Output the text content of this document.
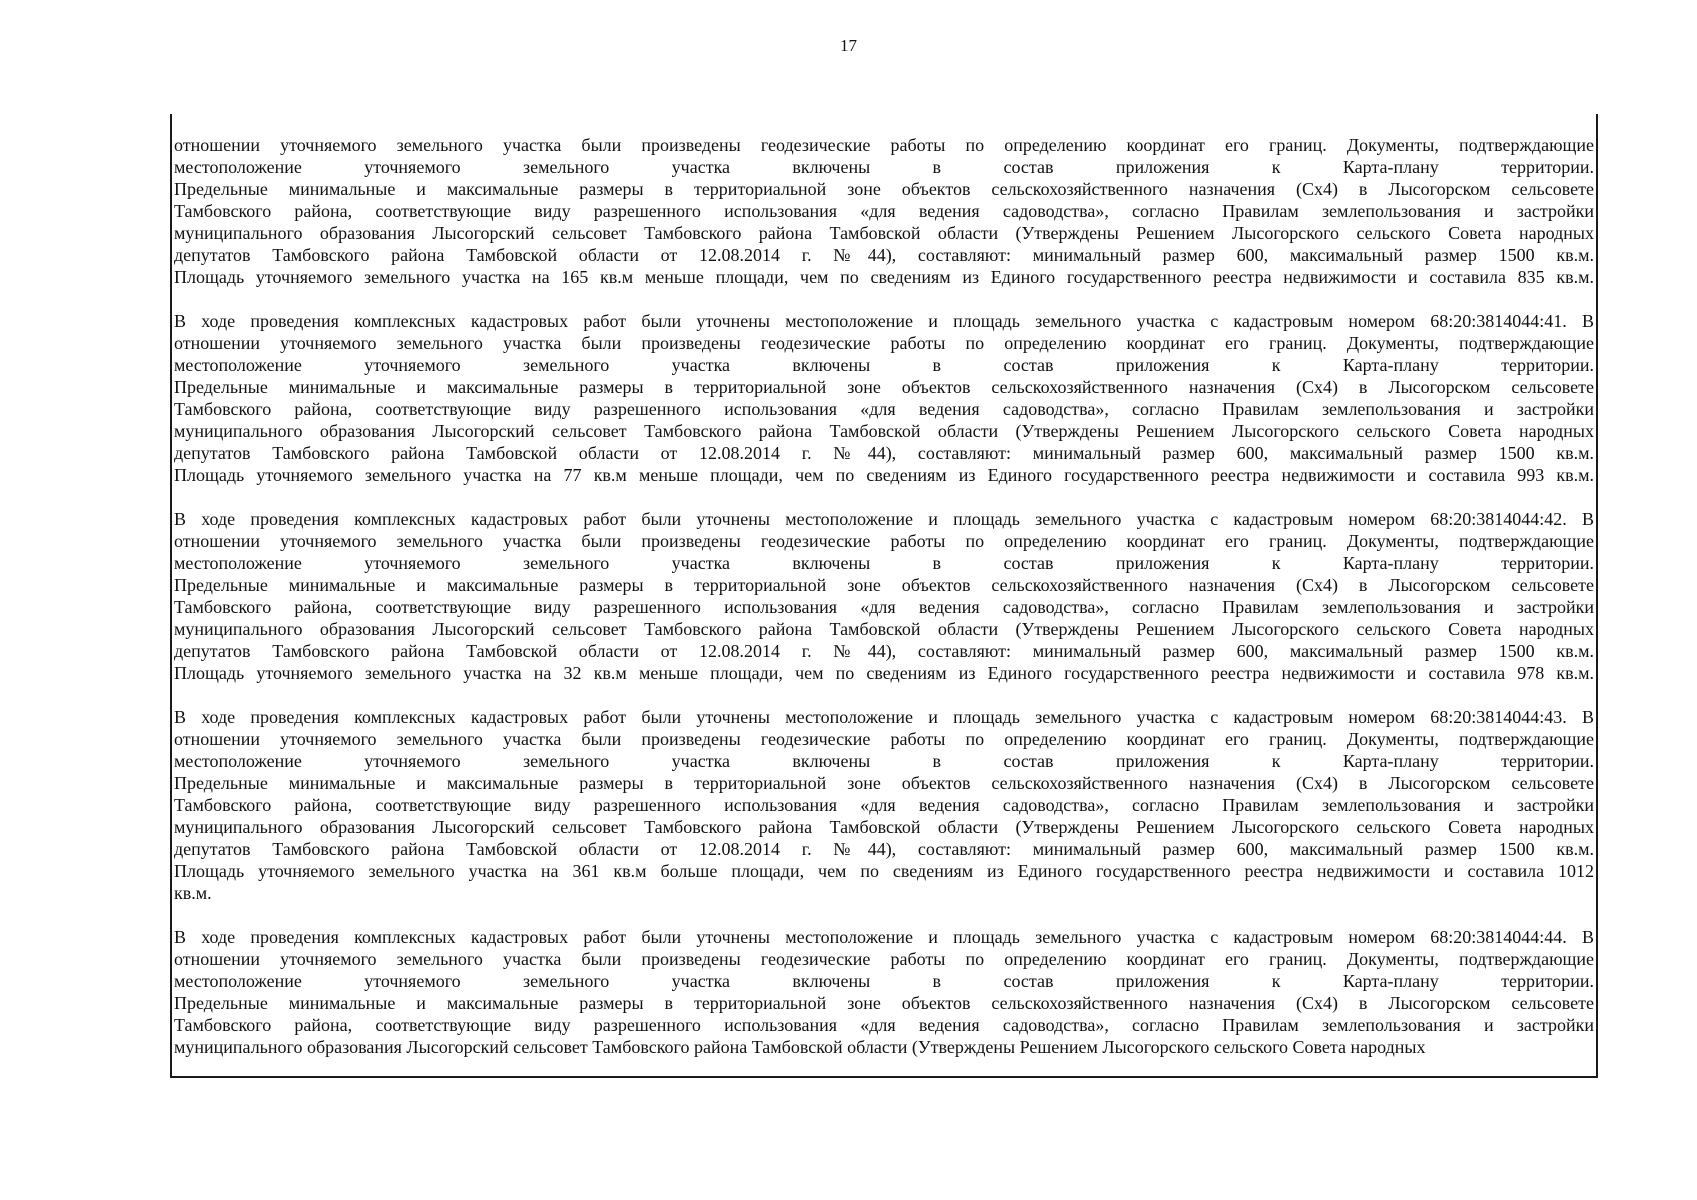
17
отношении уточняемого земельного участка были произведены геодезические работы по определению координат его границ. Документы, подтверждающие
местоположение уточняемого земельного участка включены в состав приложения к Карта-плану территории.
Предельные минимальные и максимальные размеры в территориальной зоне объектов сельскохозяйственного назначения (Сх4) в Лысогорском сельсовете
Тамбовского района, соответствующие виду разрешенного использования «для ведения садоводства», согласно Правилам землепользования и застройки
муниципального образования Лысогорский сельсовет Тамбовского района Тамбовской области (Утверждены Решением Лысогорского сельского Совета народных
депутатов Тамбовского района Тамбовской области от 12.08.2014 г. №44), составляют: минимальный размер 600, максимальный размер 1500 кв.м.
Площадь уточняемого земельного участка на 165 кв.м меньше площади, чем по сведениям из Единого государственного реестра недвижимости и составила 835 кв.м.
В ходе проведения комплексных кадастровых работ были уточнены местоположение и площадь земельного участка с кадастровым номером 68:20:3814044:41. В
отношении уточняемого земельного участка были произведены геодезические работы по определению координат его границ. Документы, подтверждающие
местоположение уточняемого земельного участка включены в состав приложения к Карта-плану территории.
Предельные минимальные и максимальные размеры в территориальной зоне объектов сельскохозяйственного назначения (Сх4) в Лысогорском сельсовете
Тамбовского района, соответствующие виду разрешенного использования «для ведения садоводства», согласно Правилам землепользования и застройки
муниципального образования Лысогорский сельсовет Тамбовского района Тамбовской области (Утверждены Решением Лысогорского сельского Совета народных
депутатов Тамбовского района Тамбовской области от 12.08.2014 г. №44), составляют: минимальный размер 600, максимальный размер 1500 кв.м.
Площадь уточняемого земельного участка на 77 кв.м меньше площади, чем по сведениям из Единого государственного реестра недвижимости и составила 993 кв.м.
В ходе проведения комплексных кадастровых работ были уточнены местоположение и площадь земельного участка с кадастровым номером 68:20:3814044:42. В
отношении уточняемого земельного участка были произведены геодезические работы по определению координат его границ. Документы, подтверждающие
местоположение уточняемого земельного участка включены в состав приложения к Карта-плану территории.
Предельные минимальные и максимальные размеры в территориальной зоне объектов сельскохозяйственного назначения (Сх4) в Лысогорском сельсовете
Тамбовского района, соответствующие виду разрешенного использования «для ведения садоводства», согласно Правилам землепользования и застройки
муниципального образования Лысогорский сельсовет Тамбовского района Тамбовской области (Утверждены Решением Лысогорского сельского Совета народных
депутатов Тамбовского района Тамбовской области от 12.08.2014 г. №44), составляют: минимальный размер 600, максимальный размер 1500 кв.м.
Площадь уточняемого земельного участка на 32 кв.м меньше площади, чем по сведениям из Единого государственного реестра недвижимости и составила 978 кв.м.
В ходе проведения комплексных кадастровых работ были уточнены местоположение и площадь земельного участка с кадастровым номером 68:20:3814044:43. В
отношении уточняемого земельного участка были произведены геодезические работы по определению координат его границ. Документы, подтверждающие
местоположение уточняемого земельного участка включены в состав приложения к Карта-плану территории.
Предельные минимальные и максимальные размеры в территориальной зоне объектов сельскохозяйственного назначения (Сх4) в Лысогорском сельсовете
Тамбовского района, соответствующие виду разрешенного использования «для ведения садоводства», согласно Правилам землепользования и застройки
муниципального образования Лысогорский сельсовет Тамбовского района Тамбовской области (Утверждены Решением Лысогорского сельского Совета народных
депутатов Тамбовского района Тамбовской области от 12.08.2014 г. №44), составляют: минимальный размер 600, максимальный размер 1500 кв.м.
Площадь уточняемого земельного участка на 361 кв.м больше площади, чем по сведениям из Единого государственного реестра недвижимости и составила 1012
кв.м.
В ходе проведения комплексных кадастровых работ были уточнены местоположение и площадь земельного участка с кадастровым номером 68:20:3814044:44. В
отношении уточняемого земельного участка были произведены геодезические работы по определению координат его границ. Документы, подтверждающие
местоположение уточняемого земельного участка включены в состав приложения к Карта-плану территории.
Предельные минимальные и максимальные размеры в территориальной зоне объектов сельскохозяйственного назначения (Сх4) в Лысогорском сельсовете
Тамбовского района, соответствующие виду разрешенного использования «для ведения садоводства», согласно Правилам землепользования и застройки
муниципального образования Лысогорский сельсовет Тамбовского района Тамбовской области (Утверждены Решением Лысогорского сельского Совета народных
